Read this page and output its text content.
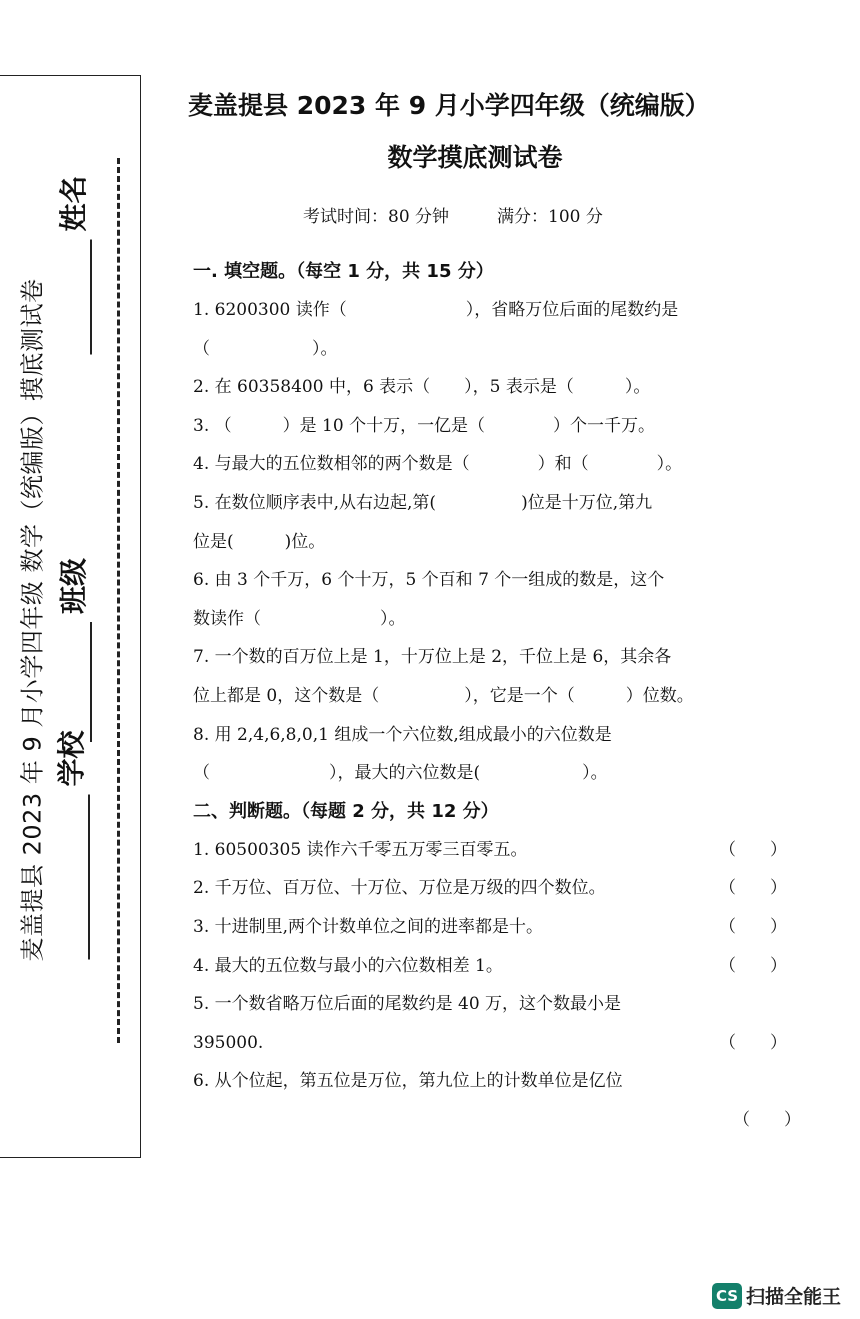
麦盖提县 2023 年 9 月小学四年级 数学（统编版）摸底测试卷 学校
班级
姓名
麦盖提县 2023 年 9 月小学四年级（统编版）
数学摸底测试卷
考试时间：80 分钟	满分：100 分
一. 填空题。（每空 1 分，共 15 分）
1. 6200300 读作（　　　　　　　），省略万位后面的尾数约是
（　　　　　　）。
2. 在 60358400 中，6 表示（　　），5 表示是（　　　）。
3. （　　　）是 10 个十万，一亿是（　　　　）个一千万。
4. 与最大的五位数相邻的两个数是（　　　　）和（　　　　）。
5. 在数位顺序表中,从右边起,第(　　　　　)位是十万位,第九
位是(　　　)位。
6. 由 3 个千万，6 个十万，5 个百和 7 个一组成的数是，这个
数读作（　　　　　　　）。
7. 一个数的百万位上是 1，十万位上是 2，千位上是 6，其余各
位上都是 0，这个数是（　　　　　），它是一个（　　　）位数。
8. 用 2,4,6,8,0,1 组成一个六位数,组成最小的六位数是
（　　　　　　　），最大的六位数是(　　　　　　）。
二、判断题。（每题 2 分，共 12 分）
1. 60500305 读作六千零五万零三百零五。	（　　）
2. 千万位、百万位、十万位、万位是万级的四个数位。	（　　）
3. 十进制里,两个计数单位之间的进率都是十。	（　　）
4. 最大的五位数与最小的六位数相差 1。	（　　）
5. 一个数省略万位后面的尾数约是 40 万，这个数最小是
395000.	（　　）
6. 从个位起，第五位是万位，第九位上的计数单位是亿位
（　　）
CS 扫描全能王
